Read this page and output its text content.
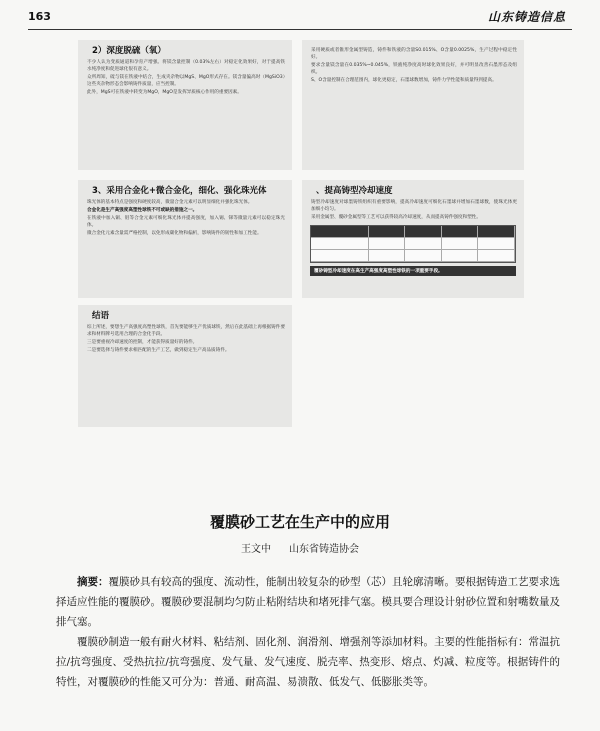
163	山东铸造信息
2）深度脱硫（氧）
不少人认为变质通道和孕育产增强。将镁含量控制（0.03%左右）对稳定化效果好，对于提高铁水纯净度和促进球化很有意义。
众所周知，硫与镁在铁液中结合，生成夹杂物以MgS、MgO形式存在。镁含量偏高时（MgSiO3）这些夹杂物形态会影响铸件质量，应当控制。
此外，MgS可在铁液中转变为MgO，MgO是发挥异质核心作用的重要因素。
采用硬质或者锥形金属型铸造，铸件和铁液的含量S0.015%、O含量0.0025%，生产过程中稳定性好。
要求含量镁含量在0.035%~0.045%，铁液纯净度高时球化效果良好，并可明显改善石墨形态及组织。
S、O含量控制在合理范围内，球化更稳定，石墨球数增加，铸件力学性能和质量得到提高。
3、采用合金化+微合金化，细化、强化珠光体
珠光体的基本特点是强度和硬度较高，微量合金元素可以明显细化并强化珠光体。
合金化是生产高强度高塑性球铁不可或缺的措施之一。
在铁液中加入铜、钼等合金元素可细化珠光体并提高强度，加入锡、锑等微量元素可以稳定珠光体。
微合金化元素含量需严格控制，以免形成碳化物和偏析，影响铸件的韧性和加工性能。
、提高铸型冷却速度
铸型冷却速度对球墨铸铁组织有重要影响，提高冷却速度可细化石墨球并增加石墨球数，使珠光体更加细小均匀。
采用金属型、覆砂金属型等工艺可以获得较高冷却速度，从而提高铸件强度和塑性。
覆砂铸型冷却速度在高生产高强度高塑性球铁的一项重要手段。
结语
综上所述，要想生产高强度高塑性球铁，首先要能够生产优质球铁，然后在此基础上再根据铸件要求和材料牌号选用合理的合金化手段。
三是要重视冷却速度的控制，才能获得质量好的铸件。
二是要选择与铸件要求相匹配的生产工艺，做到稳定生产高品质铸件。
覆膜砂工艺在生产中的应用
王文中 山东省铸造协会
摘要：覆膜砂具有较高的强度、流动性，能制出较复杂的砂型（芯）且轮廓清晰。要根据铸造工艺要求选择适应性能的覆膜砂。覆膜砂要混制均匀防止粘附结块和堵死排气塞。模具要合理设计射砂位置和射嘴数量及排气塞。
覆膜砂制造一般有耐火材料、粘结剂、固化剂、润滑剂、增强剂等添加材料。主要的性能指标有：常温抗拉/抗弯强度、受热抗拉/抗弯强度、发气量、发气速度、脱壳率、热变形、熔点、灼减、粒度等。根据铸件的特性，对覆膜砂的性能又可分为：普通、耐高温、易溃散、低发气、低膨胀类等。
